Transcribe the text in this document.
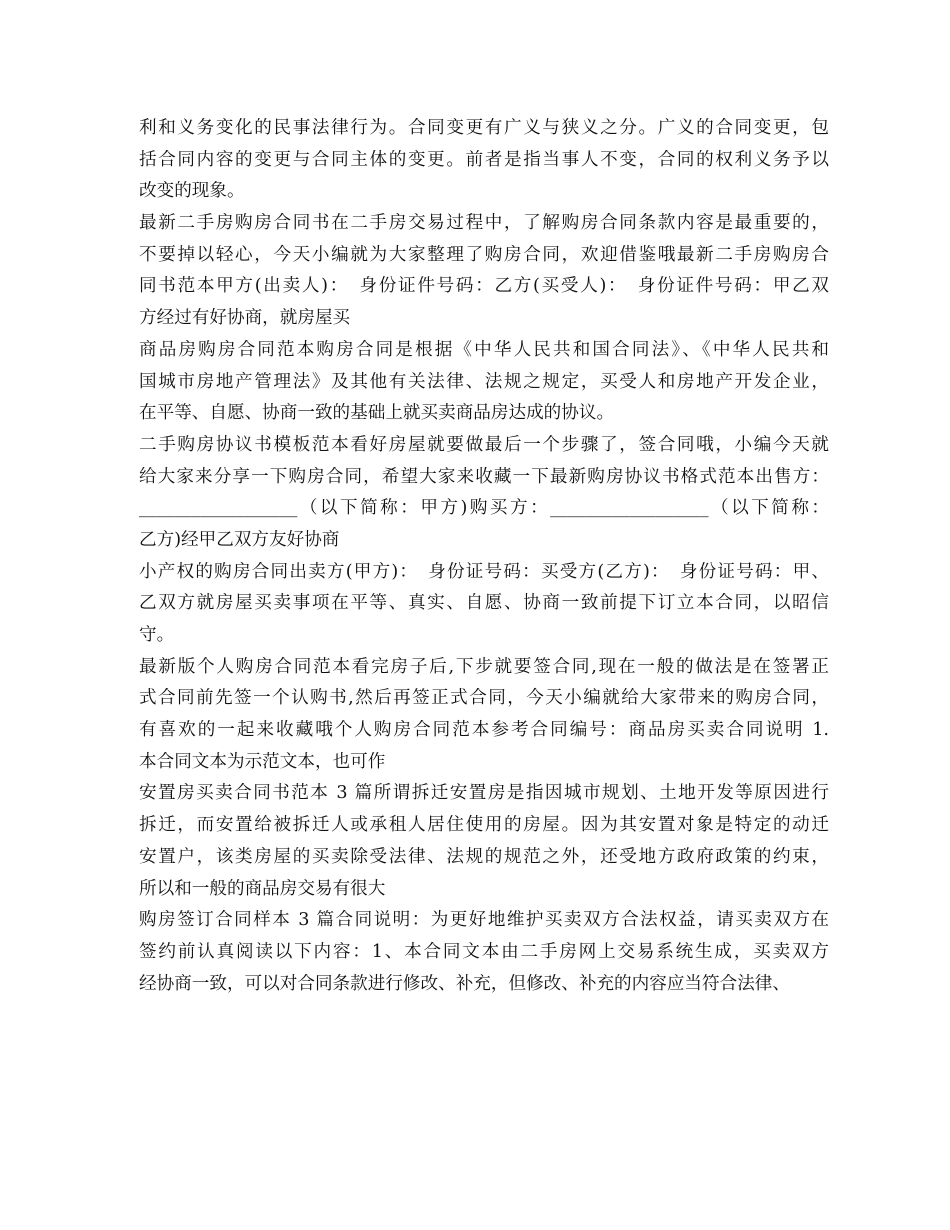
利和义务变化的民事法律行为。合同变更有广义与狭义之分。广义的合同变更，包
括合同内容的变更与合同主体的变更。前者是指当事人不变，合同的权利义务予以
改变的现象。
最新二手房购房合同书在二手房交易过程中，了解购房合同条款内容是最重要的，
不要掉以轻心，今天小编就为大家整理了购房合同，欢迎借鉴哦最新二手房购房合
同书范本甲方(出卖人)：　身份证件号码：乙方(买受人)：　身份证件号码：甲乙双
方经过有好协商，就房屋买
商品房购房合同范本购房合同是根据《中华人民共和国合同法》、《中华人民共和
国城市房地产管理法》及其他有关法律、法规之规定，买受人和房地产开发企业，
在平等、自愿、协商一致的基础上就买卖商品房达成的协议。
二手购房协议书模板范本看好房屋就要做最后一个步骤了，签合同哦，小编今天就
给大家来分享一下购房合同，希望大家来收藏一下最新购房协议书格式范本出售方：
__________________（以下简称：甲方)购买方：__________________（以下简称：
乙方)经甲乙双方友好协商
小产权的购房合同出卖方(甲方)：　身份证号码：买受方(乙方)：　身份证号码：甲、
乙双方就房屋买卖事项在平等、真实、自愿、协商一致前提下订立本合同，以昭信
守。
最新版个人购房合同范本看完房子后,下步就要签合同,现在一般的做法是在签署正
式合同前先签一个认购书,然后再签正式合同，今天小编就给大家带来的购房合同，
有喜欢的一起来收藏哦个人购房合同范本参考合同编号：商品房买卖合同说明 1.
本合同文本为示范文本，也可作
安置房买卖合同书范本 3 篇所谓拆迁安置房是指因城市规划、土地开发等原因进行
拆迁，而安置给被拆迁人或承租人居住使用的房屋。因为其安置对象是特定的动迁
安置户，该类房屋的买卖除受法律、法规的规范之外，还受地方政府政策的约束，
所以和一般的商品房交易有很大
购房签订合同样本 3 篇合同说明：为更好地维护买卖双方合法权益，请买卖双方在
签约前认真阅读以下内容：1、本合同文本由二手房网上交易系统生成，买卖双方
经协商一致，可以对合同条款进行修改、补充，但修改、补充的内容应当符合法律、
